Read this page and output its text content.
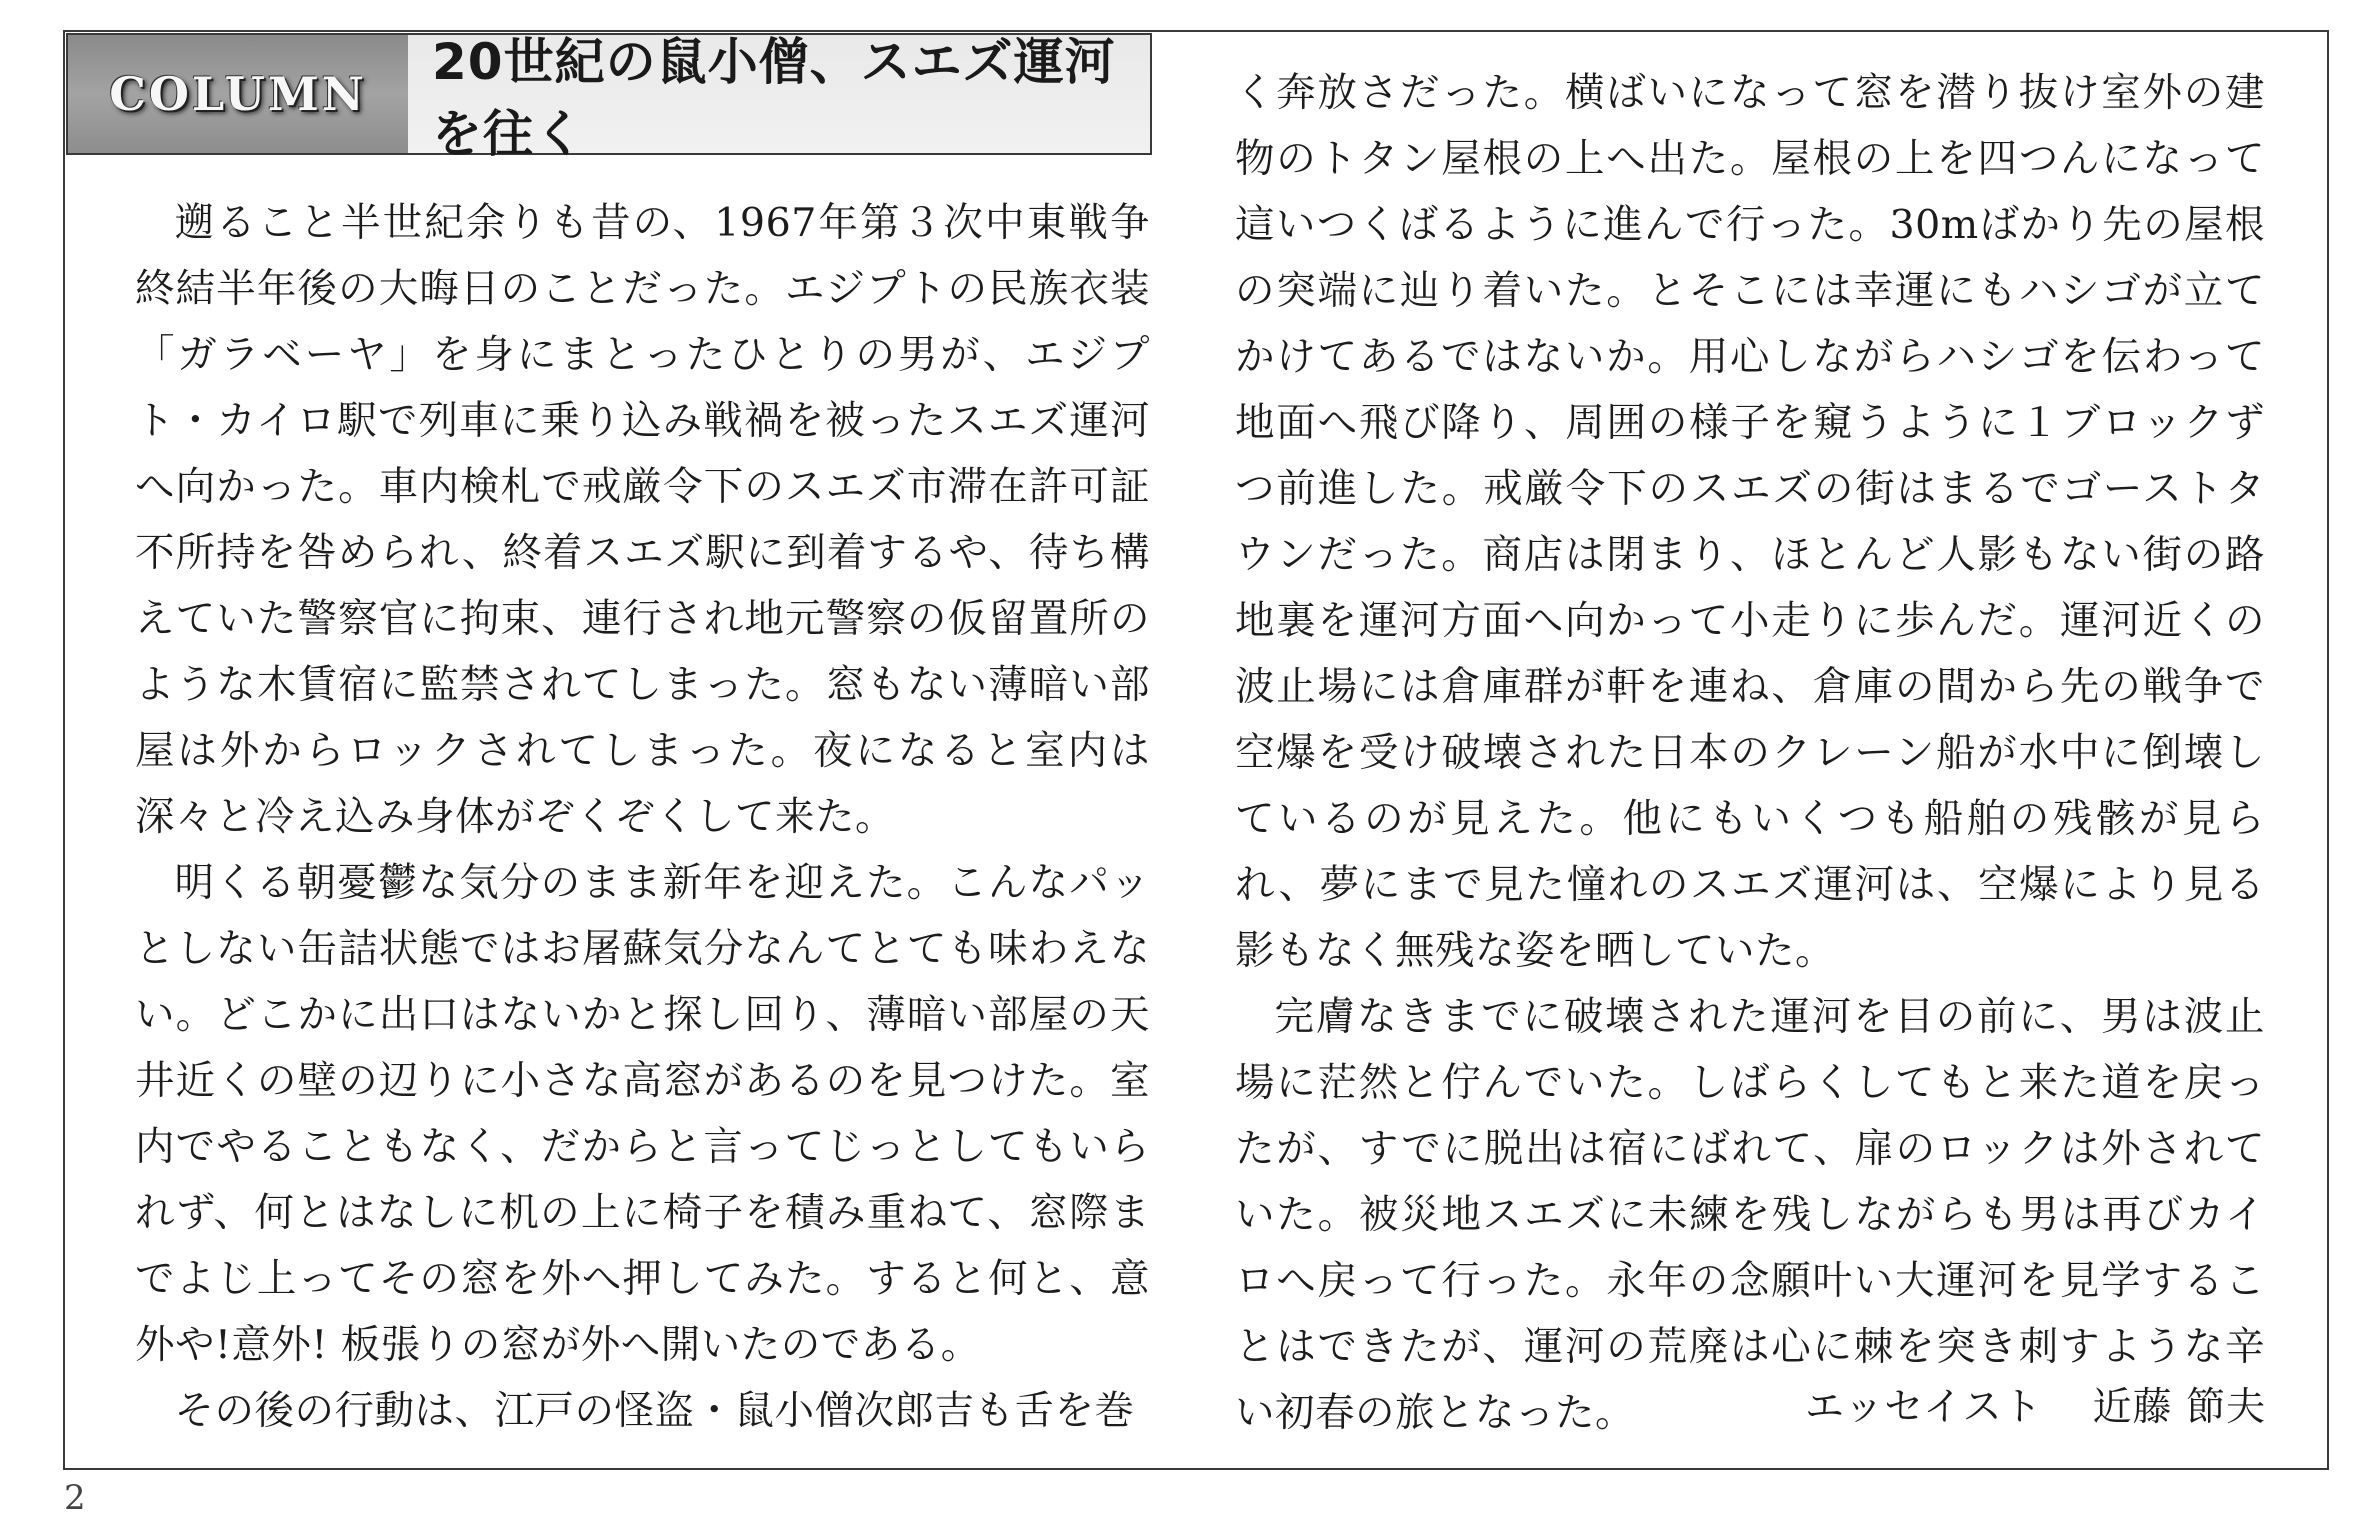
COLUMN
20世紀の鼠小僧、スエズ運河を往く

遡ること半世紀余りも昔の、1967年第３次中東戦争終結半年後の大晦日のことだった。エジプトの民族衣装「ガラベーヤ」を身にまとったひとりの男が、エジプト・カイロ駅で列車に乗り込み戦禍を被ったスエズ運河へ向かった。車内検札で戒厳令下のスエズ市滞在許可証不所持を咎められ、終着スエズ駅に到着するや、待ち構えていた警察官に拘束、連行され地元警察の仮留置所のような木賃宿に監禁されてしまった。窓もない薄暗い部屋は外からロックされてしまった。夜になると室内は深々と冷え込み身体がぞくぞくして来た。

明くる朝憂鬱な気分のまま新年を迎えた。こんなパッとしない缶詰状態ではお屠蘇気分なんてとても味わえない。どこかに出口はないかと探し回り、薄暗い部屋の天井近くの壁の辺りに小さな高窓があるのを見つけた。室内でやることもなく、だからと言ってじっとしてもいられず、何とはなしに机の上に椅子を積み重ねて、窓際までよじ上ってその窓を外へ押してみた。すると何と、意外や!意外! 板張りの窓が外へ開いたのである。

その後の行動は、江戸の怪盗・鼠小僧次郎吉も舌を巻

く奔放さだった。横ばいになって窓を潜り抜け室外の建物のトタン屋根の上へ出た。屋根の上を四つんになって這いつくばるように進んで行った。30mばかり先の屋根の突端に辿り着いた。とそこには幸運にもハシゴが立てかけてあるではないか。用心しながらハシゴを伝わって地面へ飛び降り、周囲の様子を窺うように１ブロックずつ前進した。戒厳令下のスエズの街はまるでゴーストタウンだった。商店は閉まり、ほとんど人影もない街の路地裏を運河方面へ向かって小走りに歩んだ。運河近くの波止場には倉庫群が軒を連ね、倉庫の間から先の戦争で空爆を受け破壊された日本のクレーン船が水中に倒壊しているのが見えた。他にもいくつも船舶の残骸が見られ、夢にまで見た憧れのスエズ運河は、空爆により見る影もなく無残な姿を晒していた。

完膚なきまでに破壊された運河を目の前に、男は波止場に茫然と佇んでいた。しばらくしてもと来た道を戻ったが、すでに脱出は宿にばれて、扉のロックは外されていた。被災地スエズに未練を残しながらも男は再びカイロへ戻って行った。永年の念願叶い大運河を見学することはできたが、運河の荒廃は心に棘を突き刺すような辛い初春の旅となった。	エッセイスト 近藤 節夫
2
